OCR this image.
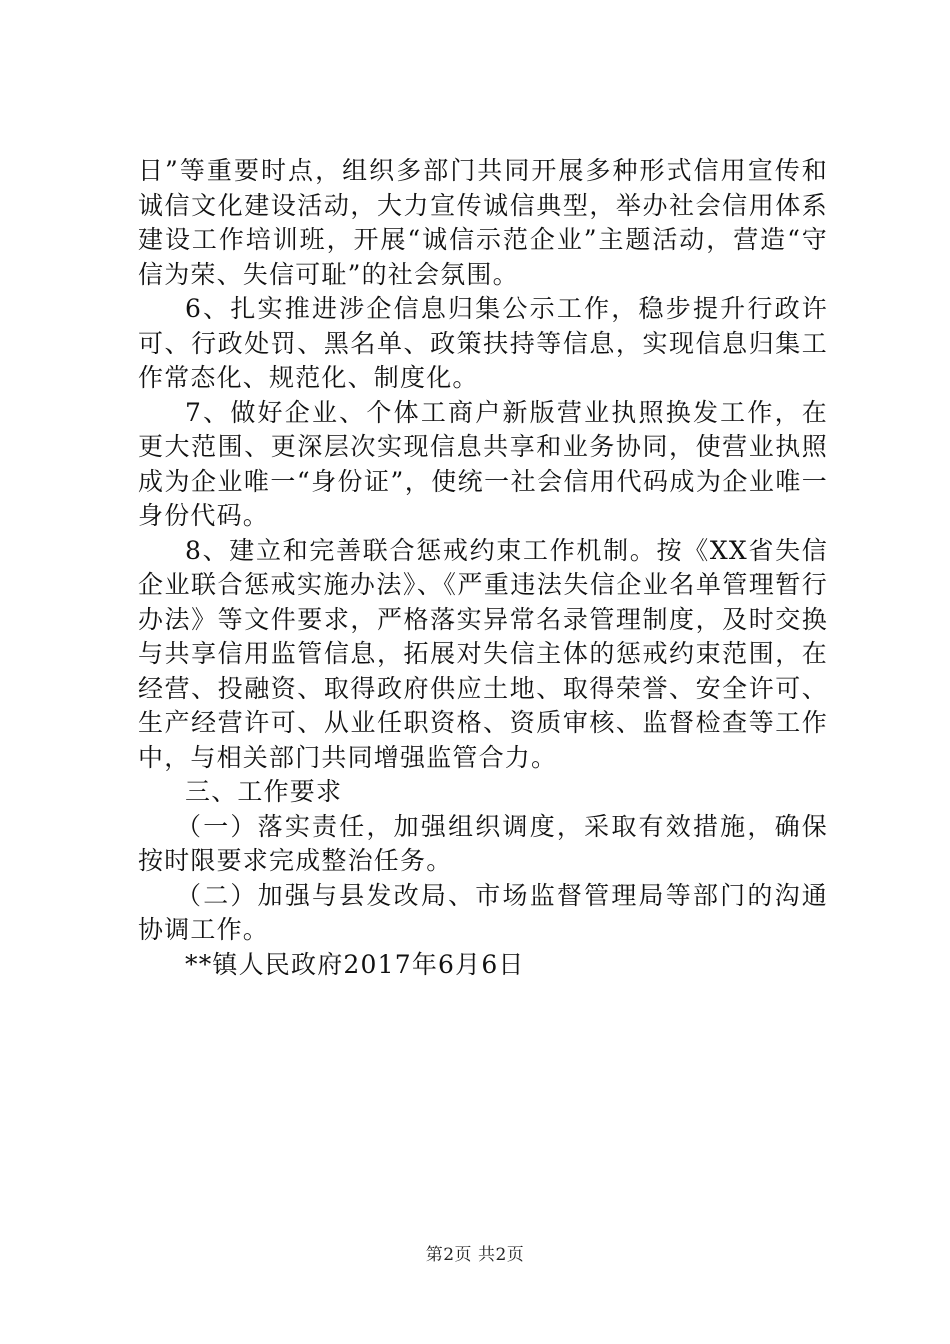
日”等重要时点，组织多部门共同开展多种形式信用宣传和诚信文化建设活动，大力宣传诚信典型，举办社会信用体系建设工作培训班，开展“诚信示范企业”主题活动，营造“守信为荣、失信可耻”的社会氛围。

6、扎实推进涉企信息归集公示工作，稳步提升行政许可、行政处罚、黑名单、政策扶持等信息，实现信息归集工作常态化、规范化、制度化。

7、做好企业、个体工商户新版营业执照换发工作，在更大范围、更深层次实现信息共享和业务协同，使营业执照成为企业唯一“身份证”，使统一社会信用代码成为企业唯一身份代码。

8、建立和完善联合惩戒约束工作机制。按《XX省失信企业联合惩戒实施办法》、《严重违法失信企业名单管理暂行办法》等文件要求，严格落实异常名录管理制度，及时交换与共享信用监管信息，拓展对失信主体的惩戒约束范围，在经营、投融资、取得政府供应土地、取得荣誉、安全许可、生产经营许可、从业任职资格、资质审核、监督检查等工作中，与相关部门共同增强监管合力。

三、工作要求

（一）落实责任，加强组织调度，采取有效措施，确保按时限要求完成整治任务。

（二）加强与县发改局、市场监督管理局等部门的沟通协调工作。

**镇人民政府2017年6月6日

第2页 共2页
